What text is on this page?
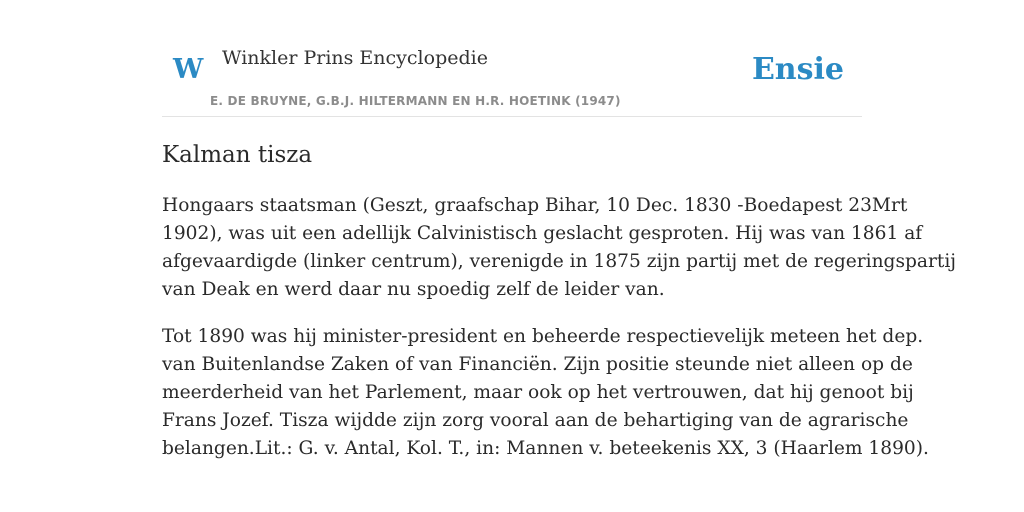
W Winkler Prins Encyclopedie
E. DE BRUYNE, G.B.J. HILTERMANN EN H.R. HOETINK (1947)
Ensie
Kalman tisza

Hongaars staatsman (Geszt, graafschap Bihar, 10 Dec. 1830 -Boedapest 23Mrt
1902), was uit een adellijk Calvinistisch geslacht gesproten. Hij was van 1861 af
afgevaardigde (linker centrum), verenigde in 1875 zijn partij met de regeringspartij
van Deak en werd daar nu spoedig zelf de leider van.

Tot 1890 was hij minister-president en beheerde respectievelijk meteen het dep.
van Buitenlandse Zaken of van Financiën. Zijn positie steunde niet alleen op de
meerderheid van het Parlement, maar ook op het vertrouwen, dat hij genoot bij
Frans Jozef. Tisza wijdde zijn zorg vooral aan de behartiging van de agrarische
belangen.Lit.: G. v. Antal, Kol. T., in: Mannen v. beteekenis XX, 3 (Haarlem 1890).
